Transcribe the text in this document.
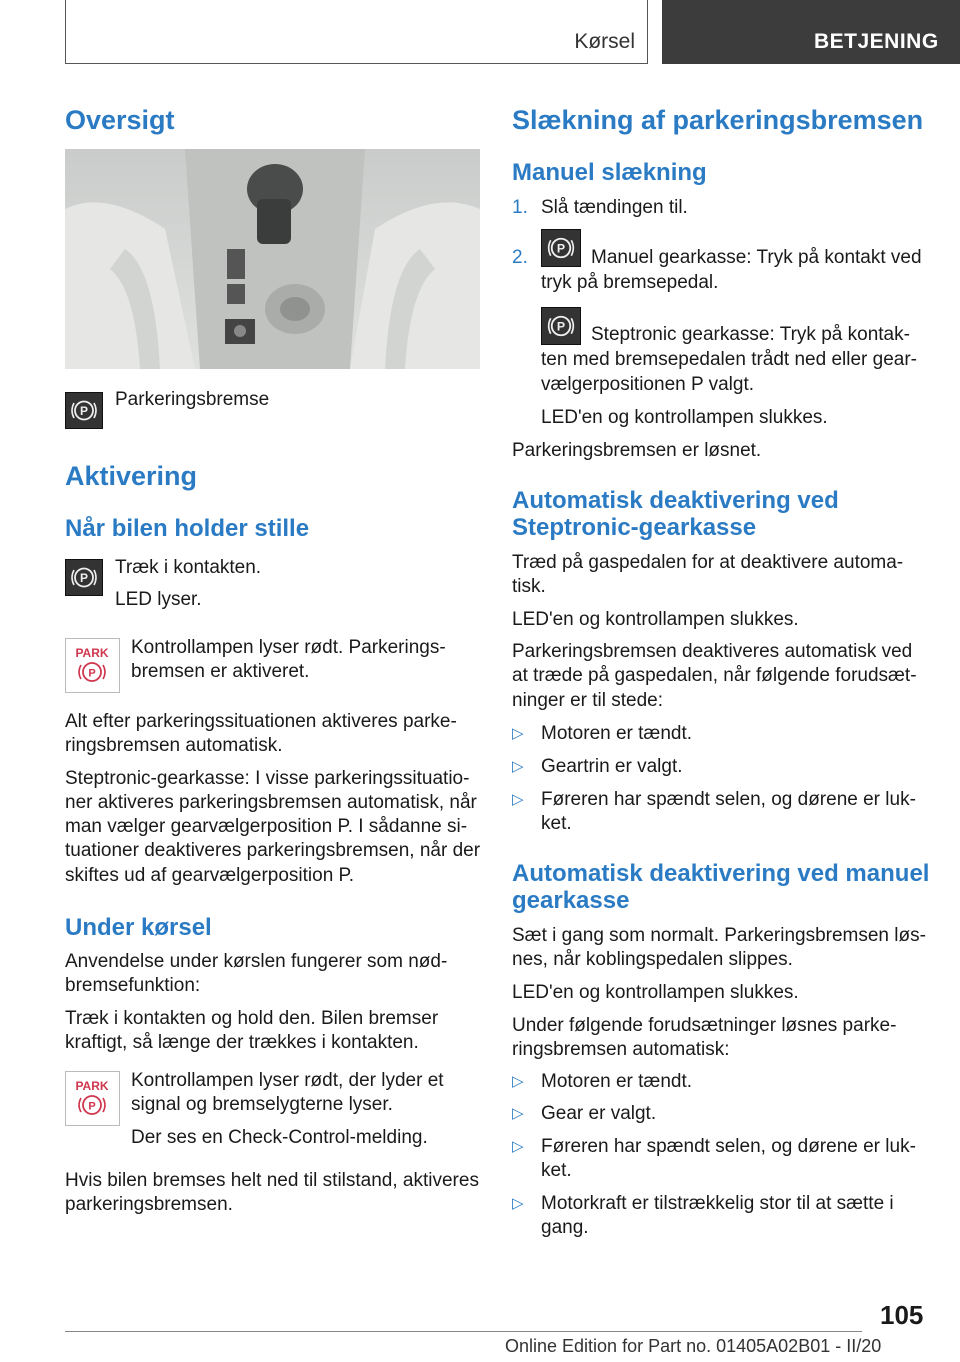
Kørsel	BETJENING
Oversigt
P

Parkeringsbremse

Aktivering
Når bilen holder stille
P Træk i kontakten.

LED lyser.

PARK
P

Kontrollampen lyser rødt. Parkerings-

bremsen er aktiveret.

Alt efter parkeringssituationen aktiveres parke-

ringsbremsen automatisk.

Steptronic-gearkasse: I visse parkeringssituatio-

ner aktiveres parkeringsbremsen automatisk, når

man vælger gearvælgerposition P. I sådanne si-

tuationer deaktiveres parkeringsbremsen, når der

skiftes ud af gearvælgerposition P.

Under kørsel

Anvendelse under kørslen fungerer som nød-

bremsefunktion:

Træk i kontakten og hold den. Bilen bremser

kraftigt, så længe der trækkes i kontakten.

PARK
P

Kontrollampen lyser rødt, der lyder et

signal og bremselygterne lyser.

Der ses en Check-Control-melding.

Hvis bilen bremses helt ned til stilstand, aktiveres

parkeringsbremsen.

Slækning af parkeringsbremsen
Manuel slækning
1. Slå tændingen til.

2. P Manuel gearkasse: Tryk på kontakt ved

tryk på bremsepedal.

P Steptronic gearkasse: Tryk på kontak-

ten med bremsepedalen trådt ned eller gear-

vælgerpositionen P valgt.

LED'en og kontrollampen slukkes.

Parkeringsbremsen er løsnet.

Automatisk deaktivering ved
Steptronic-gearkasse

Træd på gaspedalen for at deaktivere automa-

tisk.

LED'en og kontrollampen slukkes.

Parkeringsbremsen deaktiveres automatisk ved

at træde på gaspedalen, når følgende forudsæt-

ninger er til stede:

▷ Motoren er tændt.

▷ Geartrin er valgt.

▷ Føreren har spændt selen, og dørene er luk-

ket.

Automatisk deaktivering ved manuel
gearkasse

Sæt i gang som normalt. Parkeringsbremsen løs-

nes, når koblingspedalen slippes.

LED'en og kontrollampen slukkes.

Under følgende forudsætninger løsnes parke-

ringsbremsen automatisk:

▷ Motoren er tændt.

▷ Gear er valgt.

▷ Føreren har spændt selen, og dørene er luk-

ket.

▷ Motorkraft er tilstrækkelig stor til at sætte i

gang.

105
Online Edition for Part no. 01405A02B01 - II/20
